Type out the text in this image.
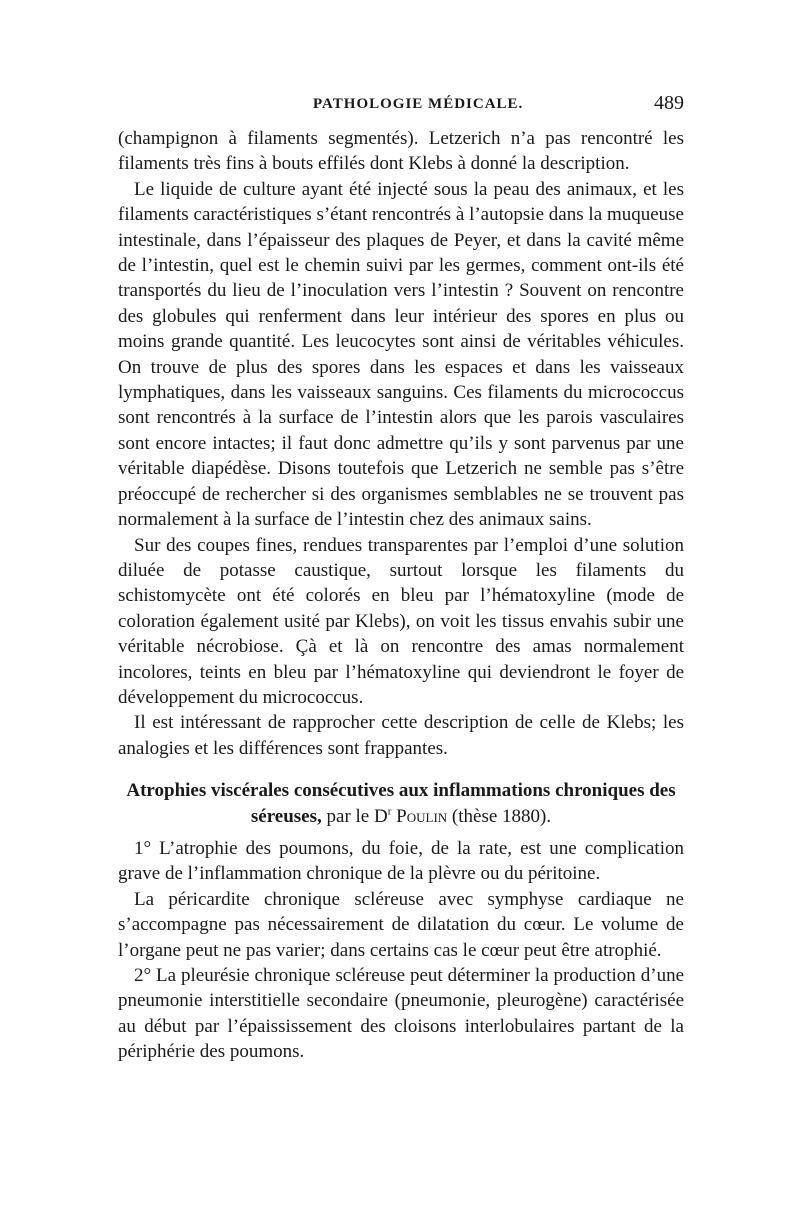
PATHOLOGIE MÉDICALE.	489

(champignon à filaments segmentés). Letzerich n’a pas rencontré les filaments très fins à bouts effilés dont Klebs à donné la description.

Le liquide de culture ayant été injecté sous la peau des animaux, et les filaments caractéristiques s’étant rencontrés à l’autopsie dans la muqueuse intestinale, dans l’épaisseur des plaques de Peyer, et dans la cavité même de l’intestin, quel est le chemin suivi par les germes, comment ont-ils été transportés du lieu de l’inoculation vers l’intestin ? Souvent on rencontre des globules qui renferment dans leur intérieur des spores en plus ou moins grande quantité. Les leucocytes sont ainsi de véritables véhicules. On trouve de plus des spores dans les espaces et dans les vaisseaux lymphatiques, dans les vaisseaux sanguins. Ces filaments du micrococcus sont rencontrés à la surface de l’intestin alors que les parois vasculaires sont encore intactes; il faut donc admettre qu’ils y sont parvenus par une véritable diapédèse. Disons toutefois que Letzerich ne semble pas s’être préoccupé de rechercher si des organismes semblables ne se trouvent pas normalement à la surface de l’intestin chez des animaux sains.

Sur des coupes fines, rendues transparentes par l’emploi d’une solution diluée de potasse caustique, surtout lorsque les filaments du schistomycète ont été colorés en bleu par l’hématoxyline (mode de coloration également usité par Klebs), on voit les tissus envahis subir une véritable nécrobiose. Çà et là on rencontre des amas normalement incolores, teints en bleu par l’hématoxyline qui deviendront le foyer de développement du micrococcus.

Il est intéressant de rapprocher cette description de celle de Klebs; les analogies et les différences sont frappantes.

Atrophies viscérales consécutives aux inflammations chroniques des séreuses, par le $D^r$ Poulin (thèse 1880).

1° L’atrophie des poumons, du foie, de la rate, est une complication grave de l’inflammation chronique de la plèvre ou du péritoine.

La péricardite chronique scléreuse avec symphyse cardiaque ne s’accompagne pas nécessairement de dilatation du cœur. Le volume de l’organe peut ne pas varier; dans certains cas le cœur peut être atrophié.

2° La pleurésie chronique scléreuse peut déterminer la production d’une pneumonie interstitielle secondaire (pneumonie, pleurogène) caractérisée au début par l’épaississement des cloisons interlobulaires partant de la périphérie des poumons.
